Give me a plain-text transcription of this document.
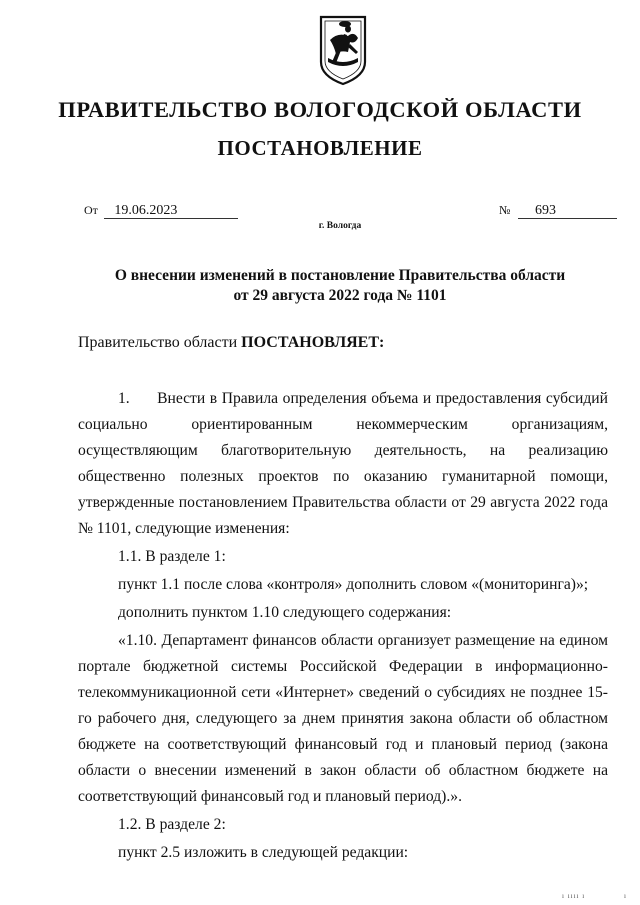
ПРАВИТЕЛЬСТВО ВОЛОГОДСКОЙ ОБЛАСТИ
ПОСТАНОВЛЕНИЕ
От 19.06.2023	№ 693
г. Вологда
О внесении изменений в постановление Правительства области
от 29 августа 2022 года № 1101
Правительство области ПОСТАНОВЛЯЕТ:

1.      Внести в Правила определения объема и предоставления субсидий социально ориентированным некоммерческим организациям, осуществляющим благотворительную деятельность, на реализацию общественно полезных проектов по оказанию гуманитарной помощи, утвержденные постановлением Правительства области от 29 августа 2022 года № 1101, следующие изменения:

1.1. В разделе 1:

пункт 1.1 после слова «контроля» дополнить словом «(мониторинга)»;

дополнить пунктом 1.10 следующего содержания:

«1.10. Департамент финансов области организует размещение на едином портале бюджетной системы Российской Федерации в информационно-телекоммуникационной сети «Интернет» сведений о субсидиях не позднее 15-го рабочего дня, следующего за днем принятия закона области об областном бюджете на соответствующий финансовый год и плановый период (закона области о внесении изменений в закон области об областном бюджете на соответствующий финансовый год и плановый период).».

1.2. В разделе 2:

пункт 2.5 изложить в следующей редакции:

ı ıııı ı	ı
